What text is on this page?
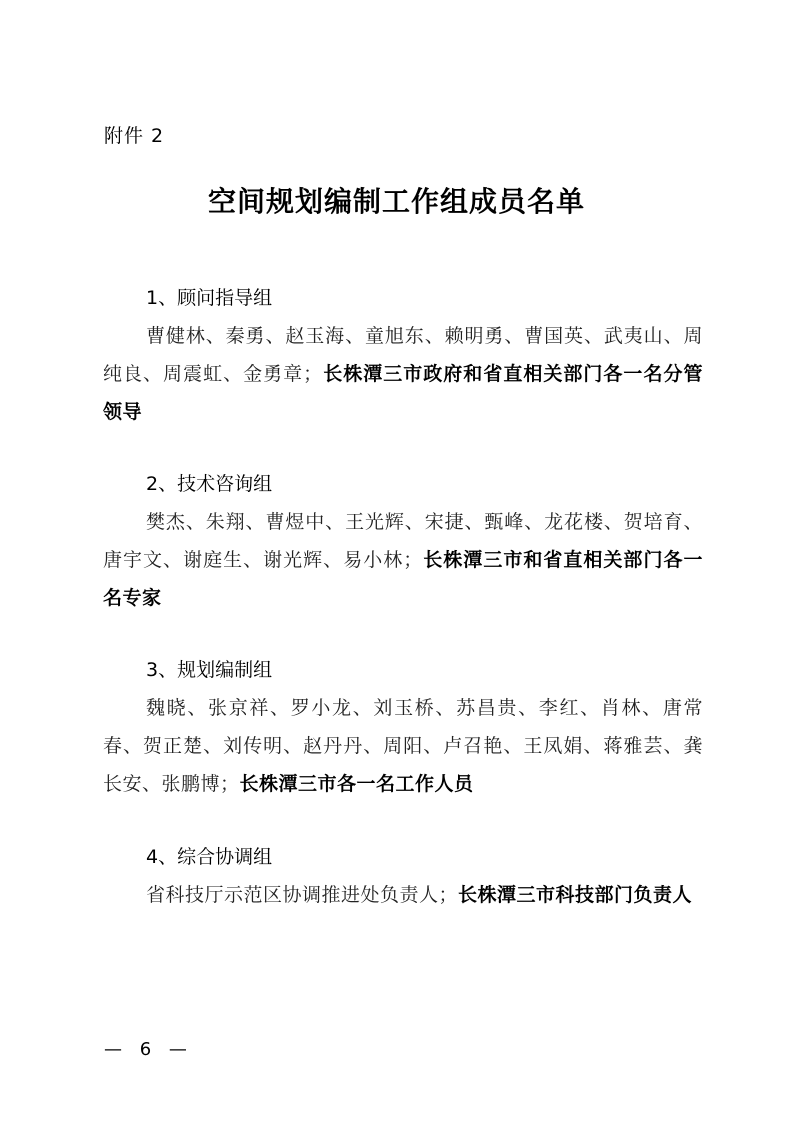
附件 2
空间规划编制工作组成员名单
1、顾问指导组
曹健林、秦勇、赵玉海、童旭东、赖明勇、曹国英、武夷山、周纯良、周震虹、金勇章；长株潭三市政府和省直相关部门各一名分管领导
2、技术咨询组
樊杰、朱翔、曹煜中、王光辉、宋捷、甄峰、龙花楼、贺培育、唐宇文、谢庭生、谢光辉、易小林；长株潭三市和省直相关部门各一名专家
3、规划编制组
魏晓、张京祥、罗小龙、刘玉桥、苏昌贵、李红、肖林、唐常春、贺正楚、刘传明、赵丹丹、周阳、卢召艳、王凤娟、蒋雅芸、龚长安、张鹏博；长株潭三市各一名工作人员
4、综合协调组
省科技厅示范区协调推进处负责人；长株潭三市科技部门负责人
— 6 —
